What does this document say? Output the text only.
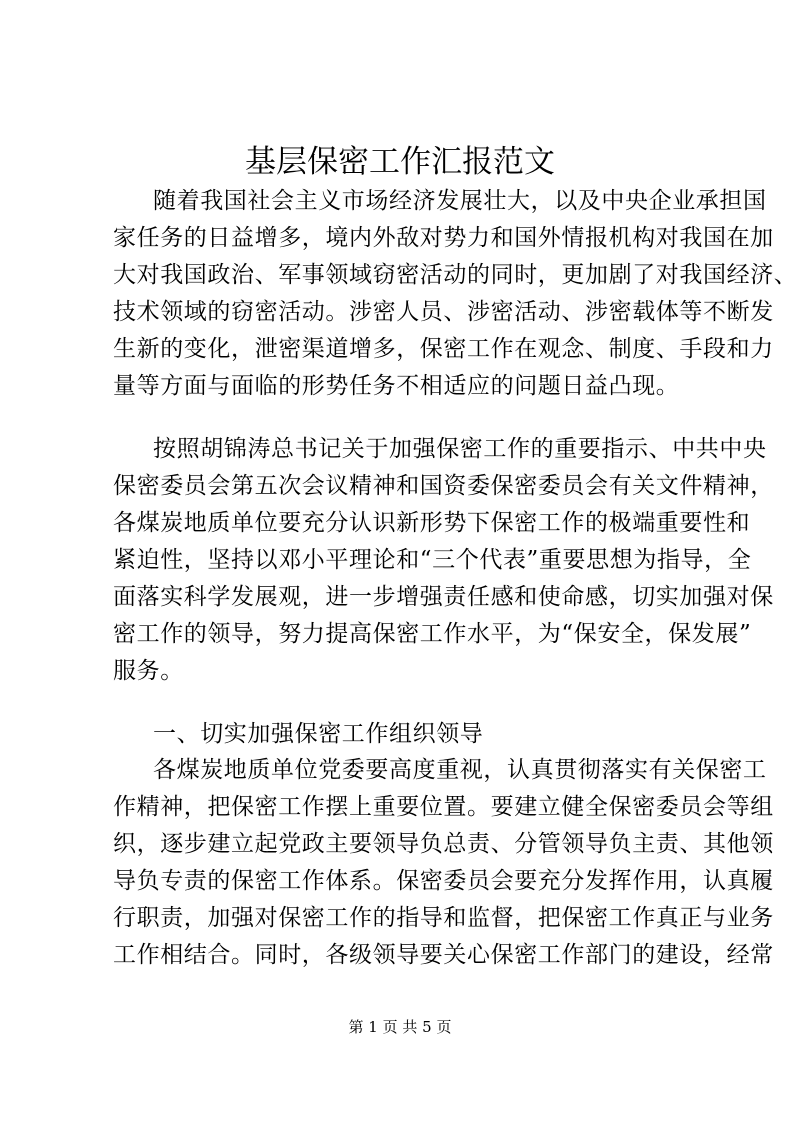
基层保密工作汇报范文
随着我国社会主义市场经济发展壮大，以及中央企业承担国
家任务的日益增多，境内外敌对势力和国外情报机构对我国在加
大对我国政治、军事领域窃密活动的同时，更加剧了对我国经济、
技术领域的窃密活动。涉密人员、涉密活动、涉密载体等不断发
生新的变化，泄密渠道增多，保密工作在观念、制度、手段和力
量等方面与面临的形势任务不相适应的问题日益凸现。
按照胡锦涛总书记关于加强保密工作的重要指示、中共中央
保密委员会第五次会议精神和国资委保密委员会有关文件精神，
各煤炭地质单位要充分认识新形势下保密工作的极端重要性和
紧迫性，坚持以邓小平理论和“三个代表”重要思想为指导，全
面落实科学发展观，进一步增强责任感和使命感，切实加强对保
密工作的领导，努力提高保密工作水平，为“保安全，保发展”
服务。
一、切实加强保密工作组织领导
各煤炭地质单位党委要高度重视，认真贯彻落实有关保密工
作精神，把保密工作摆上重要位置。要建立健全保密委员会等组
织，逐步建立起党政主要领导负总责、分管领导负主责、其他领
导负专责的保密工作体系。保密委员会要充分发挥作用，认真履
行职责，加强对保密工作的指导和监督，把保密工作真正与业务
工作相结合。同时，各级领导要关心保密工作部门的建设，经常
第 1 页 共 5 页
